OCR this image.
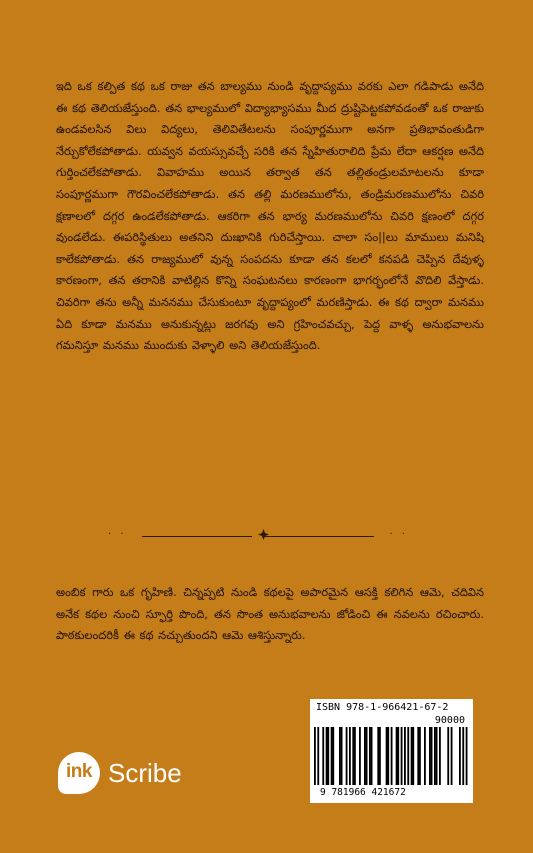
ఇది ఒక కల్పిత కథ ఒక రాజు తన బాల్యము నుండి వృద్దాప్యము వరకు ఎలా గడిపాడు అనేది ఈ కథ తెలియజేస్తుంది. తన భాల్యములో విద్యాభ్యాసము మీద ద్రుష్టిపెట్టకపోవడంతో ఒక రాజుకు ఉండవలసిన విలు విద్యలు, తెలివితేటలను సంపూర్ణముగా అనగా ప్రతిభావంతుడిగా నేర్చుకోలేకపోతాడు. యవ్వన వయస్సువచ్చే సరికి తన స్నేహితురాలిది ప్రేమ లేదా ఆకర్షణ అనేది గుర్తించలేకపోతాడు. వివాహము అయిన తర్వాత తన తల్లితండ్రులమాటలను కూడా సంపూర్ణముగా గౌరవించలేకపోతాడు. తన తల్లి మరణములోను, తండ్రిమరణములోను చివరి క్షణాలలో దగ్గర ఉండలేకపోతాడు. ఆకరిగా తన భార్య మరణములోను చివరి క్షణంలో దగ్గర వుండలేడు. ఈపరిస్థితులు అతనిని దుఃఖానికి గురిచేస్తాయి. చాలా సం||లు మాములు మనిషి కాలేకపోతాడు. తన రాజ్యములో వున్న సంపదను కూడా తన కలలో కనపడి చెప్పిన దేవుళ్ళ కారణంగా, తన తరానికి వాటిల్లిన కొన్ని సంఘటనలు కారణంగా భాగర్భంలోనే వొదిలి వేస్తాడు. చివరిగా తను అన్నీ మననము చేసుకుంటూ వృద్దాప్యంలో మరణిస్తాడు. ఈ కథ ద్వారా మనము ఏది కూడా మనము అనుకున్నట్లు జరగవు అని గ్రహించవచ్చు, పెద్ద వాళ్ళ అనుభవాలను గమనిస్తూ మనము ముందుకు వెళ్ళాలి అని తెలియజేస్తుంది.

. .	. .

అంబిక గారు ఒక గృహిణి. చిన్నప్పటి నుండి కథలపై అపారమైన ఆసక్తి కలిగిన ఆమె, చదివిన అనేక కథల నుంచి స్ఫూర్తి పొంది, తన సొంత అనుభవాలను జోడించి ఈ నవలను రచించారు. పాఠకులందరికీ ఈ కథ నచ్చుతుందని ఆమె ఆశిస్తున్నారు.

ink Scribe
ISBN 978-1-966421-67-2
90000
9 781966 421672
